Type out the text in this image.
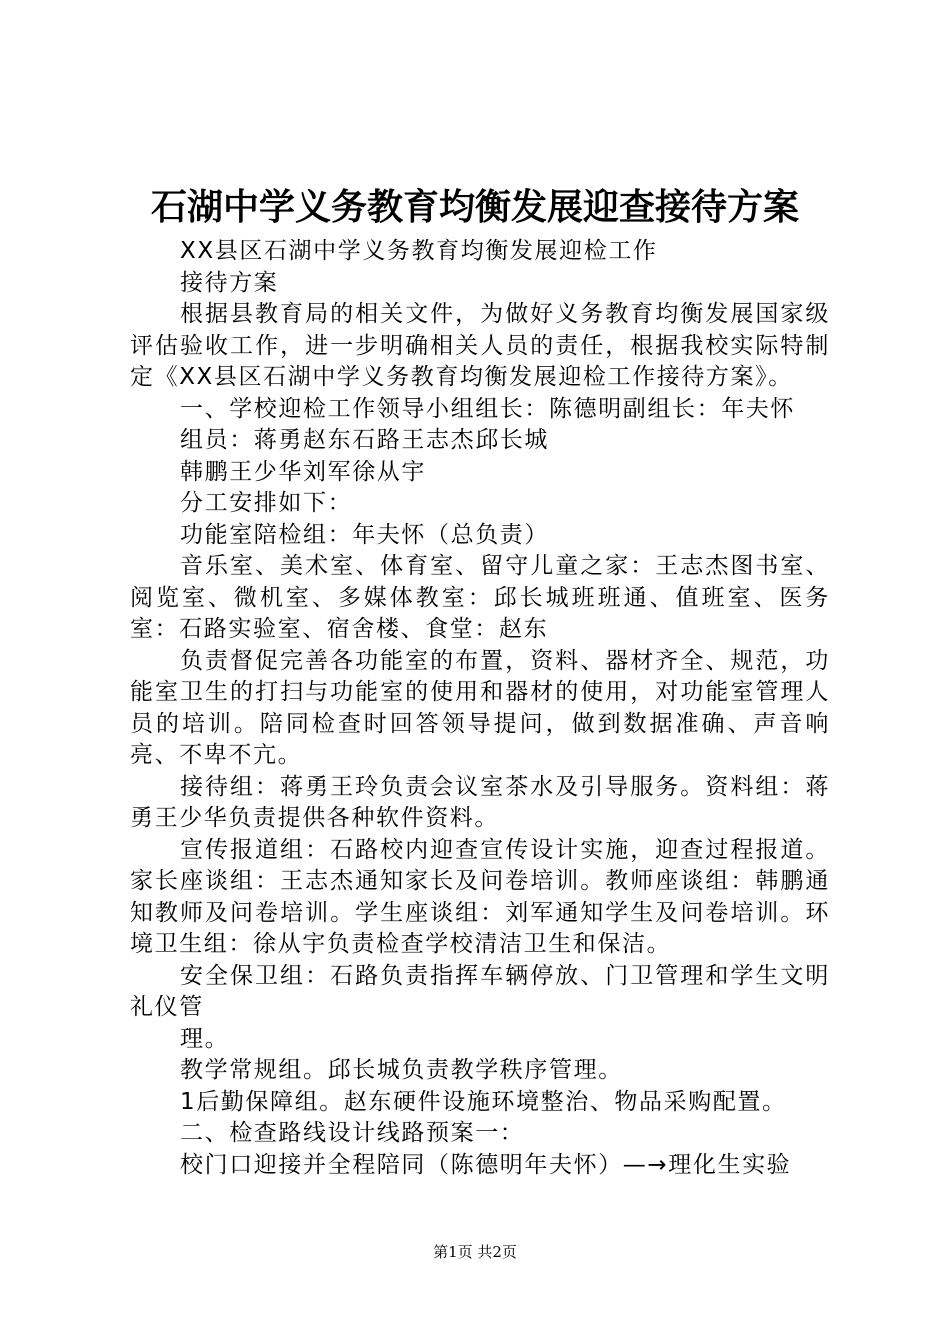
石湖中学义务教育均衡发展迎查接待方案

XX县区石湖中学义务教育均衡发展迎检工作

接待方案

根据县教育局的相关文件，为做好义务教育均衡发展国家级评估验收工作，进一步明确相关人员的责任，根据我校实际特制定《XX县区石湖中学义务教育均衡发展迎检工作接待方案》。

一、学校迎检工作领导小组组长：陈德明副组长：年夫怀

组员：蒋勇赵东石路王志杰邱长城

韩鹏王少华刘军徐从宇

分工安排如下：

功能室陪检组：年夫怀（总负责）

音乐室、美术室、体育室、留守儿童之家：王志杰图书室、阅览室、微机室、多媒体教室：邱长城班班通、值班室、医务室：石路实验室、宿舍楼、食堂：赵东

负责督促完善各功能室的布置，资料、器材齐全、规范，功能室卫生的打扫与功能室的使用和器材的使用，对功能室管理人员的培训。陪同检查时回答领导提问，做到数据准确、声音响亮、不卑不亢。

接待组：蒋勇王玲负责会议室茶水及引导服务。资料组：蒋勇王少华负责提供各种软件资料。

宣传报道组：石路校内迎查宣传设计实施，迎查过程报道。家长座谈组：王志杰通知家长及问卷培训。教师座谈组：韩鹏通知教师及问卷培训。学生座谈组：刘军通知学生及问卷培训。环境卫生组：徐从宇负责检查学校清洁卫生和保洁。

安全保卫组：石路负责指挥车辆停放、门卫管理和学生文明礼仪管

理。

教学常规组。邱长城负责教学秩序管理。

1后勤保障组。赵东硬件设施环境整治、物品采购配置。

二、检查路线设计线路预案一：

校门口迎接并全程陪同（陈德明年夫怀）—→理化生实验

第1页 共2页
